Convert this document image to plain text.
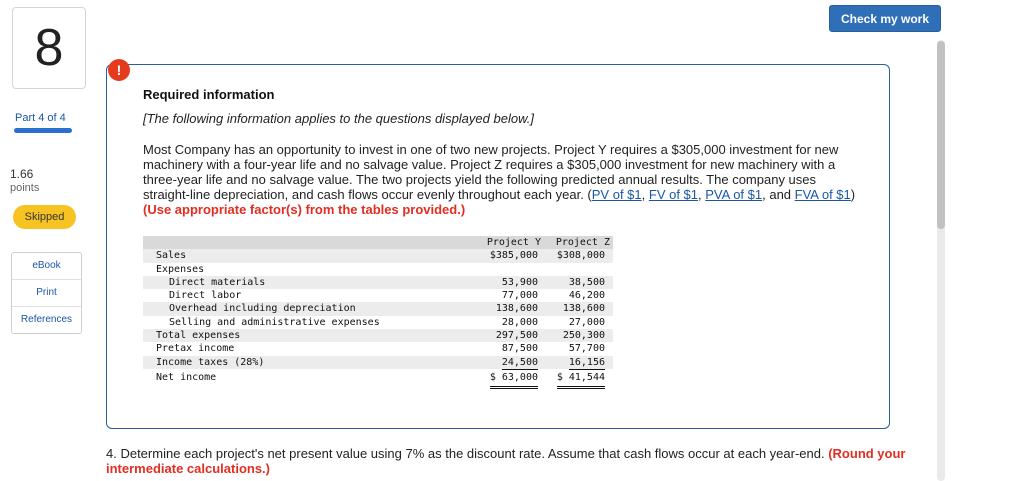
8
Part 4 of 4
1.66
points
Skipped
eBook
Print
References
Check my work
!
Required information
[The following information applies to the questions displayed below.]
Most Company has an opportunity to invest in one of two new projects. Project Y requires a $305,000 investment for new machinery with a four-year life and no salvage value. Project Z requires a $305,000 investment for new machinery with a three-year life and no salvage value. The two projects yield the following predicted annual results. The company uses straight-line depreciation, and cash flows occur evenly throughout each year. (PV of $1, FV of $1, PVA of $1, and FVA of $1) (Use appropriate factor(s) from the tables provided.)
Project Y Project Z
Sales	$385,000 $308,000
Expenses
Direct materials	53,900	38,500
Direct labor	77,000	46,200
Overhead including depreciation	138,600 138,600
Selling and administrative expenses	28,000	27,000
Total expenses	297,500 250,300
Pretax income	87,500	57,700
Income taxes (28%)	24,500	16,156
Net income	$ 63,000 $ 41,544
4. Determine each project's net present value using 7% as the discount rate. Assume that cash flows occur at each year-end. (Round your intermediate calculations.)
